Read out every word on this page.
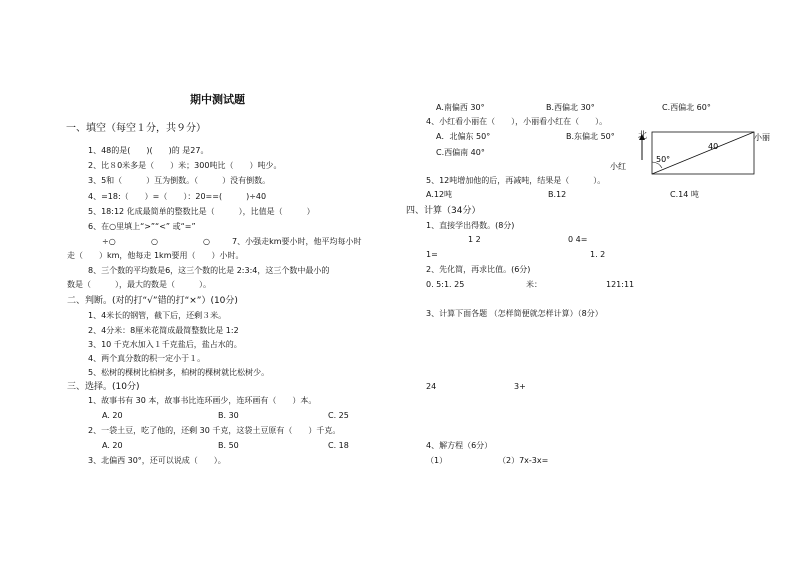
期中测试题
一、填空（每空１分，共９分）
1、48的是(　　)(　　)的 是27。
2、比８0米多是（　　）米；300吨比（　　）吨少。
3、5和（　　　）互为倒数。（　　　）没有倒数。
4、=18:（　　）=（　　）：20==(　　　)÷40
5、18:12 化成最简单的整数比是（　　　），比值是（　　　）
6、在○里填上“>”“<” 或“=”
÷○	○	○	7、小强走km要小时，他平均每小时
走（　　）km，他每走 1km要用（　　）小时。
8、三个数的平均数是6，这三个数的比是 2:3:4，这三个数中最小的
数是（　　　），最大的数是（　　　）。
二、判断。(对的打“√”错的打“×”）(10分)
1、4米长的钢管，截下后，还剩３米。
2、4分米：8厘米花简成最简整数比是 1:2
3、10 千克水加入１千克盐后，盐占水的。
4、两个真分数的积一定小于１。
5、松树的棵树比柏树多，柏树的棵树就比松树少。
三、选择。(10分)
1、故事书有 30 本，故事书比连环画少，连环画有（　　）本。
A. 20	B. 30	C. 25
2、一袋土豆，吃了他的，还剩 30 千克，这袋土豆原有（　　）千克。
A. 20	B. 50	C. 18
3、北偏西 30°，还可以说成（　　）。
A.南偏西 30°	B.西偏北 30°	C.西偏北 60°
4、小红看小丽在（　　），小丽看小红在（　　）。
A．北偏东 50°	B.东偏北 50°
C.西偏南 40°
北	小丽
小红
40
50°
5、12吨增加他的后，再减吨，结果是（　　　）。
A.12吨	B.12	C.14 吨
四、计算（34分）
1、直接学出得数。(8分)
1 2	0 4=
1=	1. 2
2、先化简，再求比值。(6分)
0. 5:1. 25	米：	121:11
3、计算下面各题 （怎样简便就怎样计算）（8分）
24	3+
4、解方程（6分）
（1）	（2）7x-3x=
